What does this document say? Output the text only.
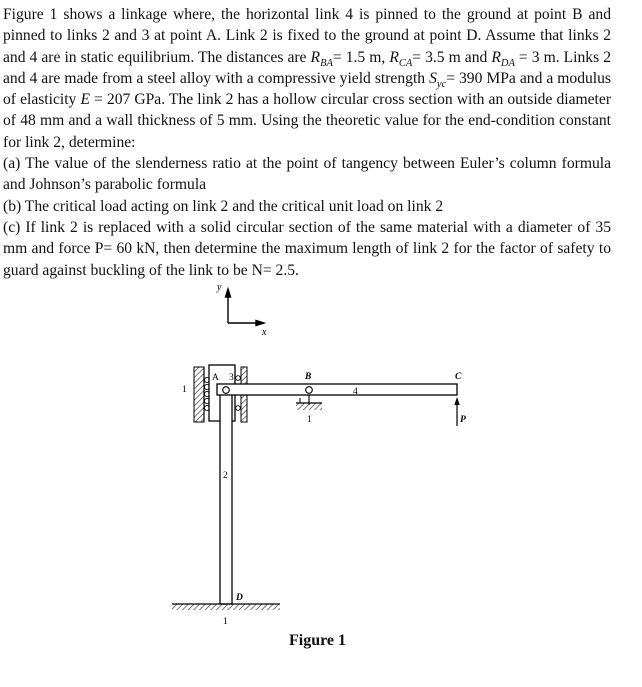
Figure 1 shows a linkage where, the horizontal link 4 is pinned to the ground at point B and pinned to links 2 and 3 at point A. Link 2 is fixed to the ground at point D. Assume that links 2 and 4 are in static equilibrium. The distances are $R_{BA}= 1.5$ m, $R_{CA}= 3.5$ m and $R_{DA} = 3$ m. Links 2 and 4 are made from a steel alloy with a compressive yield strength $S_{yc}= 390$ MPa and a modulus of elasticity E = 207 GPa. The link 2 has a hollow circular cross section with an outside diameter of 48 mm and a wall thickness of 5 mm. Using the theoretic value for the end-condition constant for link 2, determine:

(a) The value of the slenderness ratio at the point of tangency between Euler’s column formula and Johnson’s parabolic formula

(b) The critical load acting on link 2 and the critical unit load on link 2

(c) If link 2 is replaced with a solid circular section of the same material with a diameter of 35 mm and force P= 60 kN, then determine the maximum length of link 2 for the factor of safety to guard against buckling of the link to be N= 2.5.

y
x
A 3
1
B
4
C
1	P
2
D
1
Figure 1
